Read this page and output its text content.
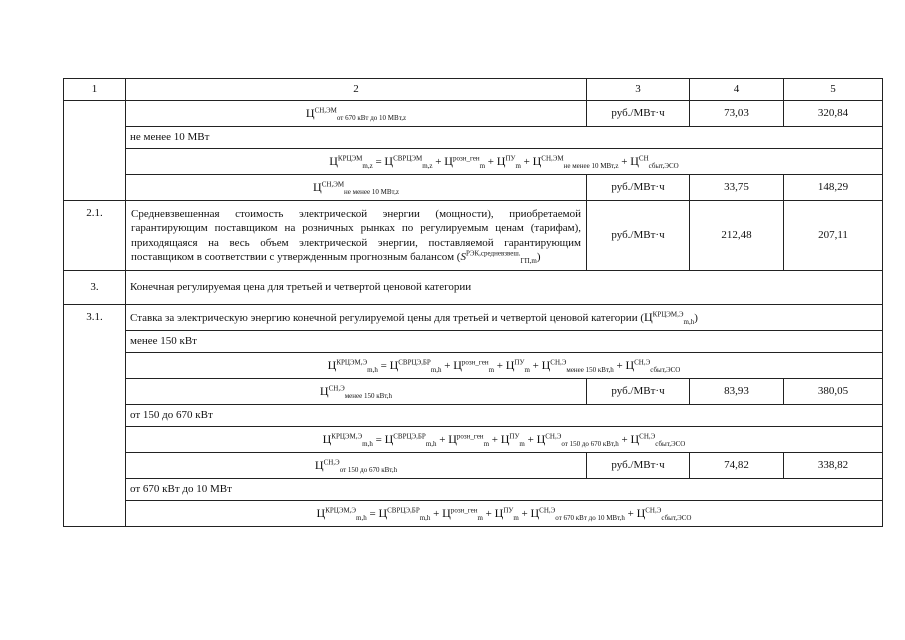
1	2	3	4	5
	$Ц^{СН,ЭМ}_{от 670 кВт до 10 МВт,z}$	руб./МВт·ч	73,03	320,84
	не менее 10 МВт			
	$Ц^{КРЦЭМ}_{m,z} = Ц^{СВРЦЭМ}_{m,z} + Ц^{розн\_ген}_m + Ц^{ПУ}_m + Ц^{СН,ЭМ}_{не менее 10 МВт,z} + Ц^{СН}_{сбыт,ЭСО}$
	$Ц^{СН,ЭМ}_{не менее 10 МВт,z}$	руб./МВт·ч	33,75	148,29
2.1.	Средневзвешенная стоимость электрической энергии (мощности), приобретаемой гарантирующим поставщиком на розничных рынках по регулируемым ценам (тарифам), приходящаяся на весь объем электрической энергии, поставляемой гарантирующим поставщиком в соответствии с утвержденным прогнозным балансом $(S^{РЭК,средневзвеш.}_{ГП,m})$	руб./МВт·ч	212,48	207,11
3.	Конечная регулируемая цена для третьей и четвертой ценовой категории			
3.1.	Ставка за электрическую энергию конечной регулируемой цены для третьей и четвертой ценовой категории $(Ц^{КРЦЭМ,Э}_{m,h})$			
	менее 150 кВт			
	$Ц^{КРЦЭМ,Э}_{m,h} = Ц^{СВРЦЭ,БР}_{m,h} + Ц^{розн\_ген}_m + Ц^{ПУ}_m + Ц^{СН,Э}_{менее 150 кВт,h} + Ц^{СН,Э}_{сбыт,ЭСО}$
	$Ц^{СН,Э}_{менее 150 кВт,h}$	руб./МВт·ч	83,93	380,05
	от 150 до 670 кВт			
	$Ц^{КРЦЭМ,Э}_{m,h} = Ц^{СВРЦЭ,БР}_{m,h} + Ц^{розн\_ген}_m + Ц^{ПУ}_m + Ц^{СН,Э}_{от 150 до 670 кВт,h} + Ц^{СН,Э}_{сбыт,ЭСО}$
	$Ц^{СН,Э}_{от 150 до 670 кВт,h}$	руб./МВт·ч	74,82	338,82
	от 670 кВт до 10 МВт			
	$Ц^{КРЦЭМ,Э}_{m,h} = Ц^{СВРЦЭ,БР}_{m,h} + Ц^{розн\_ген}_m + Ц^{ПУ}_m + Ц^{СН,Э}_{от 670 кВт до 10 МВт,h} + Ц^{СН,Э}_{сбыт,ЭСО}$
